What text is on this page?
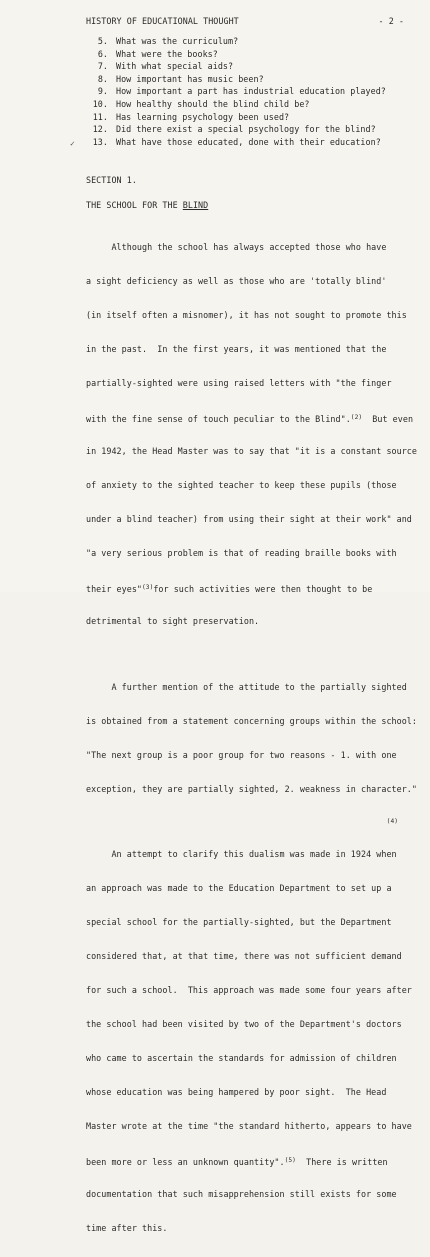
HISTORY OF EDUCATIONAL THOUGHT	- 2 -
5. What was the curriculum?
6. What were the books?
7. With what special aids?
8. How important has music been?
9. How important a part has industrial education played?
10. How healthy should the blind child be?
11. Has learning psychology been used?
12. Did there exist a special psychology for the blind?
✓	13. What have those educated, done with their education?
SECTION 1.
THE SCHOOL FOR THE BLIND

Although the school has always accepted those who have

a sight deficiency as well as those who are 'totally blind'

(in itself often a misnomer), it has not sought to promote this

in the past.  In the first years, it was mentioned that the

partially-sighted were using raised letters with "the finger

with the fine sense of touch peculiar to the Blind".$^{(2)}$  But even

in 1942, the Head Master was to say that "it is a constant source

of anxiety to the sighted teacher to keep these pupils (those

under a blind teacher) from using their sight at their work" and

"a very serious problem is that of reading braille books with

their eyes"$^{(3)}$for such activities were then thought to be

detrimental to sight preservation.

A further mention of the attitude to the partially sighted

is obtained from a statement concerning groups within the school:

"The next group is a poor group for two reasons - 1. with one

exception, they are partially sighted, 2. weakness in character."

(4)

An attempt to clarify this dualism was made in 1924 when

an approach was made to the Education Department to set up a

special school for the partially-sighted, but the Department

considered that, at that time, there was not sufficient demand

for such a school.  This approach was made some four years after

the school had been visited by two of the Department's doctors

who came to ascertain the standards for admission of children

whose education was being hampered by poor sight.  The Head

Master wrote at the time "the standard hitherto, appears to have

been more or less an unknown quantity".$^{(5)}$  There is written

documentation that such misapprehension still exists for some

time after this.
